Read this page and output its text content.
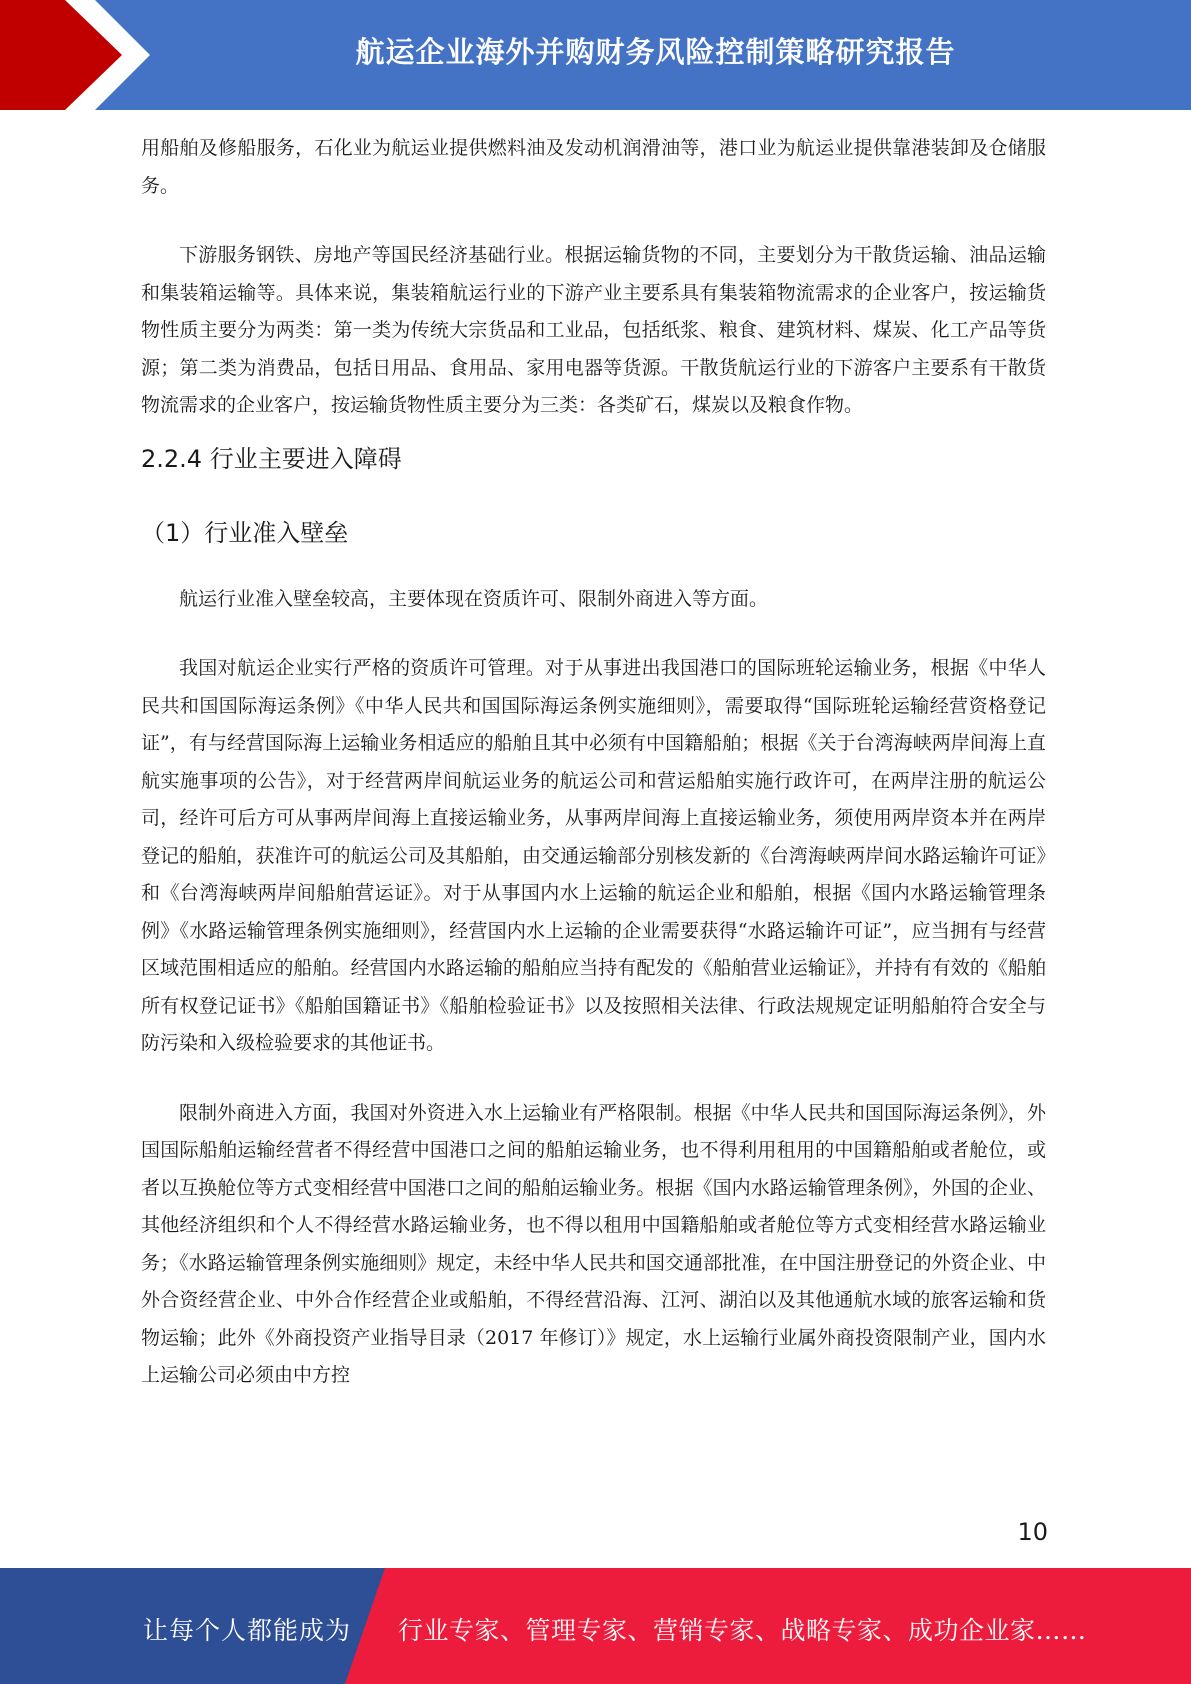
航运企业海外并购财务风险控制策略研究报告

用船舶及修船服务，石化业为航运业提供燃料油及发动机润滑油等，港口业为航运业提供靠港装卸及仓储服务。

下游服务钢铁、房地产等国民经济基础行业。根据运输货物的不同，主要划分为干散货运输、油品运输和集装箱运输等。具体来说，集装箱航运行业的下游产业主要系具有集装箱物流需求的企业客户，按运输货物性质主要分为两类：第一类为传统大宗货品和工业品，包括纸浆、粮食、建筑材料、煤炭、化工产品等货源；第二类为消费品，包括日用品、食用品、家用电器等货源。干散货航运行业的下游客户主要系有干散货物流需求的企业客户，按运输货物性质主要分为三类：各类矿石，煤炭以及粮食作物。

2.2.4 行业主要进入障碍
（1）行业准入壁垒

航运行业准入壁垒较高，主要体现在资质许可、限制外商进入等方面。

我国对航运企业实行严格的资质许可管理。对于从事进出我国港口的国际班轮运输业务，根据《中华人民共和国国际海运条例》《中华人民共和国国际海运条例实施细则》，需要取得“国际班轮运输经营资格登记证”，有与经营国际海上运输业务相适应的船舶且其中必须有中国籍船舶；根据《关于台湾海峡两岸间海上直航实施事项的公告》，对于经营两岸间航运业务的航运公司和营运船舶实施行政许可，在两岸注册的航运公司，经许可后方可从事两岸间海上直接运输业务，从事两岸间海上直接运输业务，须使用两岸资本并在两岸登记的船舶，获准许可的航运公司及其船舶，由交通运输部分别核发新的《台湾海峡两岸间水路运输许可证》和《台湾海峡两岸间船舶营运证》。对于从事国内水上运输的航运企业和船舶，根据《国内水路运输管理条例》《水路运输管理条例实施细则》，经营国内水上运输的企业需要获得“水路运输许可证”，应当拥有与经营区域范围相适应的船舶。经营国内水路运输的船舶应当持有配发的《船舶营业运输证》，并持有有效的《船舶所有权登记证书》《船舶国籍证书》《船舶检验证书》以及按照相关法律、行政法规规定证明船舶符合安全与防污染和入级检验要求的其他证书。

限制外商进入方面，我国对外资进入水上运输业有严格限制。根据《中华人民共和国国际海运条例》，外国国际船舶运输经营者不得经营中国港口之间的船舶运输业务，也不得利用租用的中国籍船舶或者舱位，或者以互换舱位等方式变相经营中国港口之间的船舶运输业务。根据《国内水路运输管理条例》，外国的企业、其他经济组织和个人不得经营水路运输业务，也不得以租用中国籍船舶或者舱位等方式变相经营水路运输业务；《水路运输管理条例实施细则》规定，未经中华人民共和国交通部批准，在中国注册登记的外资企业、中外合资经营企业、中外合作经营企业或船舶，不得经营沿海、江河、湖泊以及其他通航水域的旅客运输和货物运输；此外《外商投资产业指导目录（2017 年修订）》规定，水上运输行业属外商投资限制产业，国内水上运输公司必须由中方控

10
让每个人都能成为 行业专家、管理专家、营销专家、战略专家、成功企业家……
